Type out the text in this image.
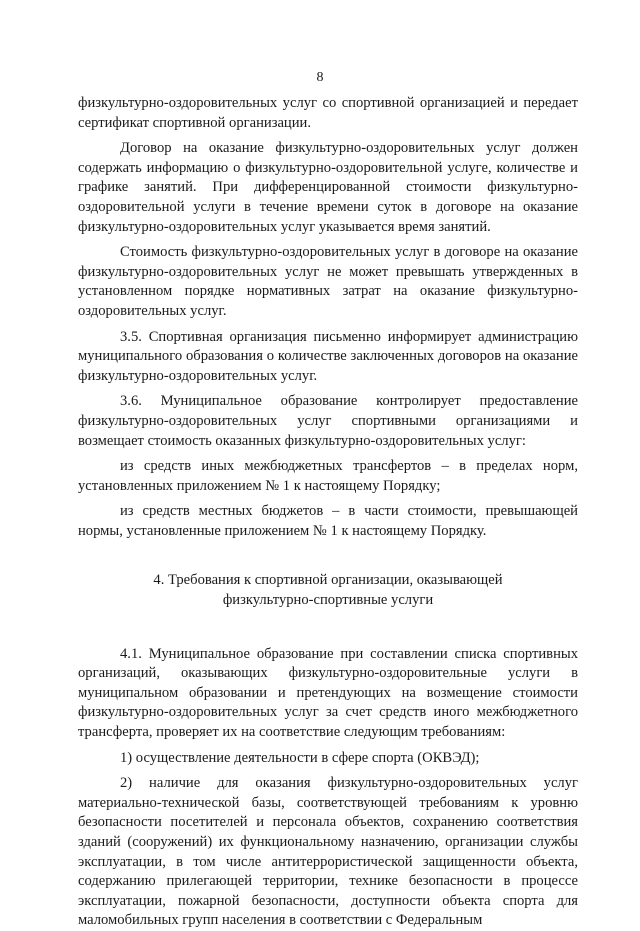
8

физкультурно-оздоровительных услуг со спортивной организацией и передает сертификат спортивной организации.

Договор на оказание физкультурно-оздоровительных услуг должен содержать информацию о физкультурно-оздоровительной услуге, количестве и графике занятий. При дифференцированной стоимости физкультурно-оздоровительной услуги в течение времени суток в договоре на оказание физкультурно-оздоровительных услуг указывается время занятий.

Стоимость физкультурно-оздоровительных услуг в договоре на оказание физкультурно-оздоровительных услуг не может превышать утвержденных в установленном порядке нормативных затрат на оказание физкультурно-оздоровительных услуг.

3.5. Спортивная организация письменно информирует администрацию муниципального образования о количестве заключенных договоров на оказание физкультурно-оздоровительных услуг.

3.6. Муниципальное образование контролирует предоставление физкультурно-оздоровительных услуг спортивными организациями и возмещает стоимость оказанных физкультурно-оздоровительных услуг:

из средств иных межбюджетных трансфертов – в пределах норм, установленных приложением № 1 к настоящему Порядку;

из средств местных бюджетов – в части стоимости, превышающей нормы, установленные приложением № 1 к настоящему Порядку.

4. Требования к спортивной организации, оказывающей
физкультурно-спортивные услуги

4.1. Муниципальное образование при составлении списка спортивных организаций, оказывающих физкультурно-оздоровительные услуги в муниципальном образовании и претендующих на возмещение стоимости физкультурно-оздоровительных услуг за счет средств иного межбюджетного трансферта, проверяет их на соответствие следующим требованиям:

1) осуществление деятельности в сфере спорта (ОКВЭД);

2) наличие для оказания физкультурно-оздоровительных услуг материально-технической базы, соответствующей требованиям к уровню безопасности посетителей и персонала объектов, сохранению соответствия зданий (сооружений) их функциональному назначению, организации службы эксплуатации, в том числе антитеррористической защищенности объекта, содержанию прилегающей территории, технике безопасности в процессе эксплуатации, пожарной безопасности, доступности объекта спорта для маломобильных групп населения в соответствии с Федеральным
